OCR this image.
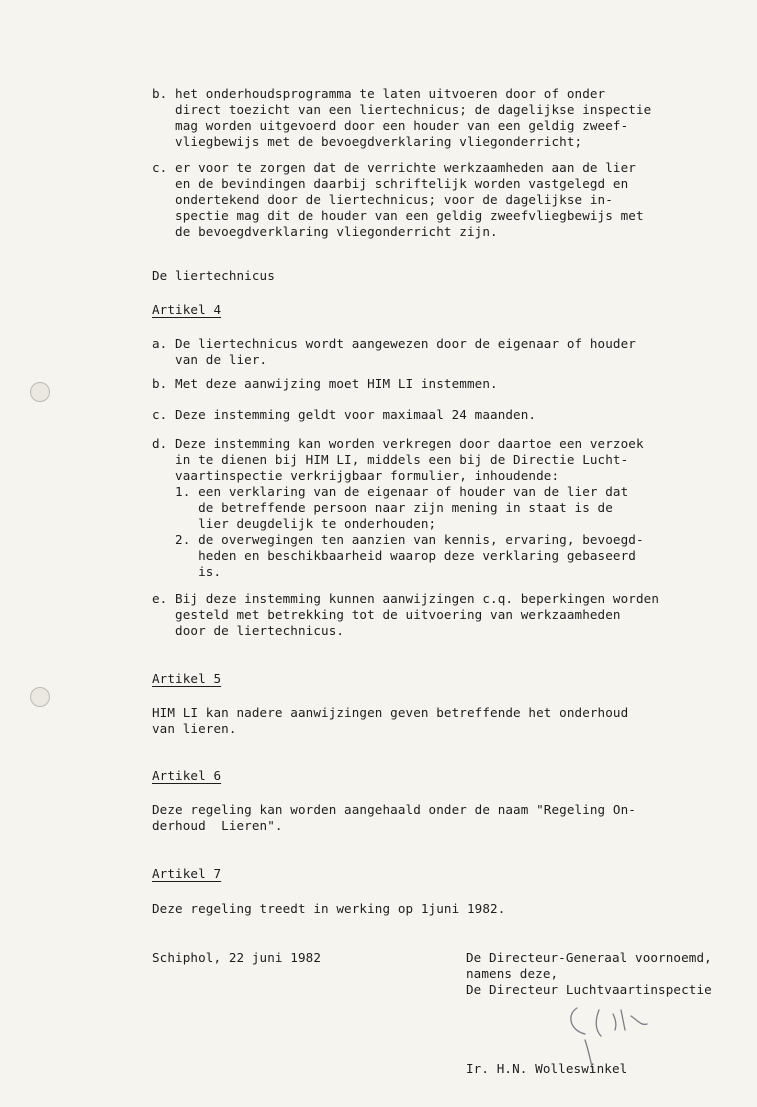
b. het onderhoudsprogramma te laten uitvoeren door of onder
direct toezicht van een liertechnicus; de dagelijkse inspectie
mag worden uitgevoerd door een houder van een geldig zweef-
vliegbewijs met de bevoegdverklaring vliegonderricht;
c. er voor te zorgen dat de verrichte werkzaamheden aan de lier
en de bevindingen daarbij schriftelijk worden vastgelegd en
ondertekend door de liertechnicus; voor de dagelijkse in-
spectie mag dit de houder van een geldig zweefvliegbewijs met
de bevoegdverklaring vliegonderricht zijn.
De liertechnicus
Artikel 4
a. De liertechnicus wordt aangewezen door de eigenaar of houder
van de lier.
b. Met deze aanwijzing moet HIM LI instemmen.
c. Deze instemming geldt voor maximaal 24 maanden.
d. Deze instemming kan worden verkregen door daartoe een verzoek
in te dienen bij HIM LI, middels een bij de Directie Lucht-
vaartinspectie verkrijgbaar formulier, inhoudende:
1. een verklaring van de eigenaar of houder van de lier dat
de betreffende persoon naar zijn mening in staat is de
lier deugdelijk te onderhouden;
2. de overwegingen ten aanzien van kennis, ervaring, bevoegd-
heden en beschikbaarheid waarop deze verklaring gebaseerd
is.
e. Bij deze instemming kunnen aanwijzingen c.q. beperkingen worden
gesteld met betrekking tot de uitvoering van werkzaamheden
door de liertechnicus.
Artikel 5
HIM LI kan nadere aanwijzingen geven betreffende het onderhoud
van lieren.
Artikel 6
Deze regeling kan worden aangehaald onder de naam "Regeling On-
derhoud  Lieren".
Artikel 7
Deze regeling treedt in werking op 1juni 1982.
Schiphol, 22 juni 1982	De Directeur-Generaal voornoemd,
namens deze,
De Directeur Luchtvaartinspectie
Ir. H.N. Wolleswinkel
